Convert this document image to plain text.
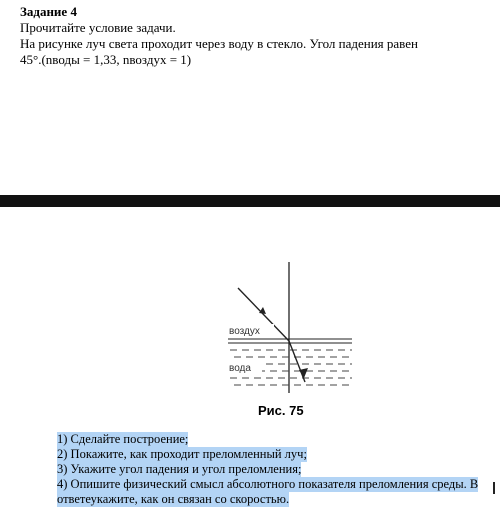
Задание 4
Прочитайте условие задачи.
На рисунке луч света проходит через воду в стекло. Угол падения равен
45°.(nводы = 1,33, nвоздух = 1)
воздух
вода
Рис. 75
1) Сделайте построение;
2) Покажите, как проходит преломленный луч;
3) Укажите угол падения и угол преломления;
4) Опишите физический смысл абсолютного показателя преломления среды. В
ответеукажите, как он связан со скоростью.
